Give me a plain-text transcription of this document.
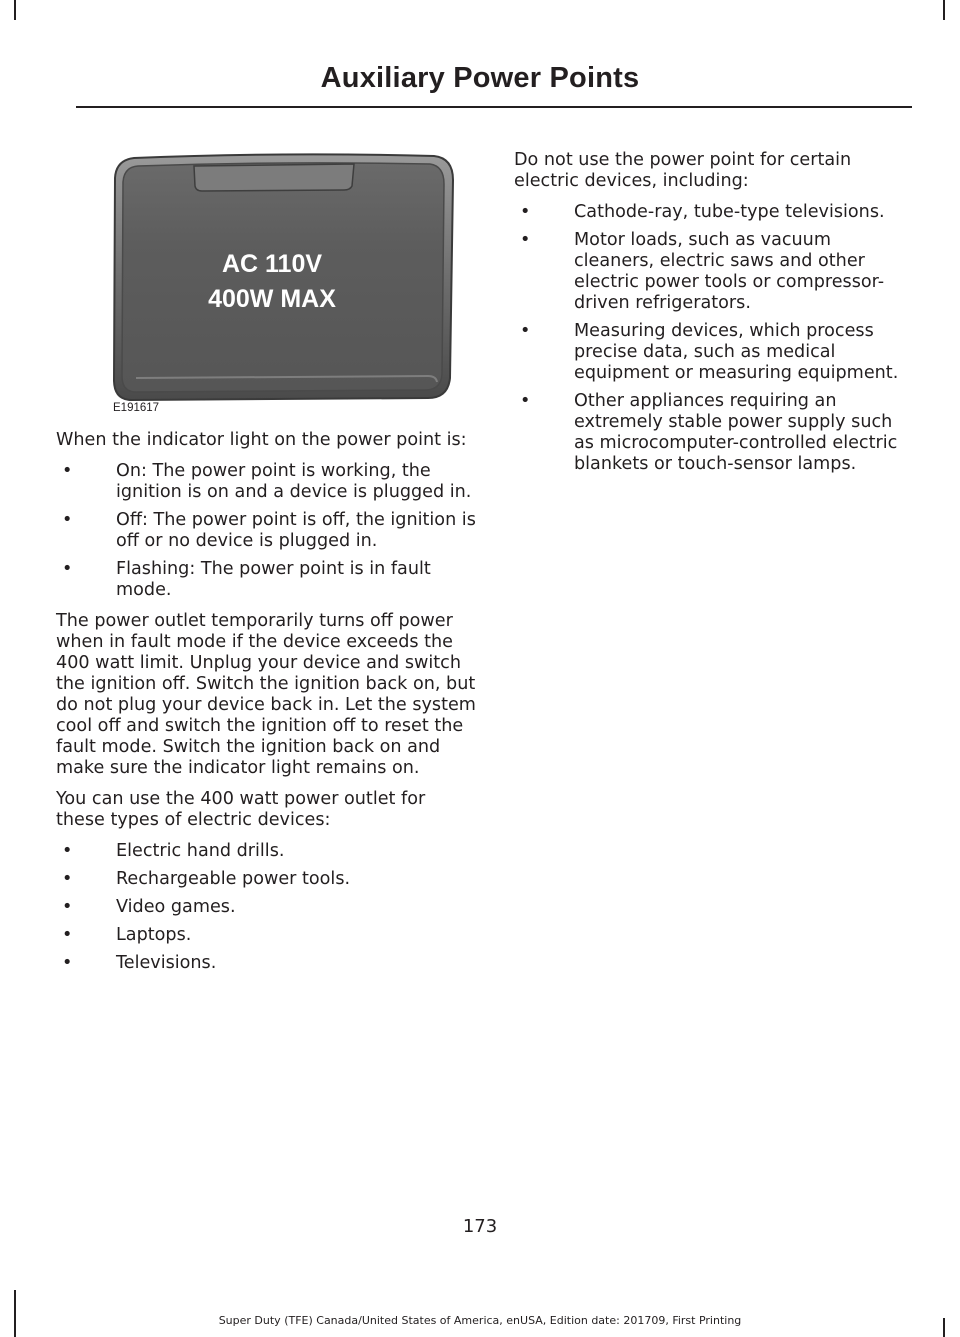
Auxiliary Power Points
AC 110V
400W MAX
E191617

When the indicator light on the power point is:

• On: The power point is working, the ignition is on and a device is plugged in.
• Off: The power point is off, the ignition is off or no device is plugged in.
• Flashing: The power point is in fault mode.

The power outlet temporarily turns off power when in fault mode if the device exceeds the 400 watt limit. Unplug your device and switch the ignition off. Switch the ignition back on, but do not plug your device back in. Let the system cool off and switch the ignition off to reset the fault mode. Switch the ignition back on and make sure the indicator light remains on.

You can use the 400 watt power outlet for these types of electric devices:

• Electric hand drills.
• Rechargeable power tools.
• Video games.
• Laptops.
• Televisions.

Do not use the power point for certain electric devices, including:

• Cathode-ray, tube-type televisions.
• Motor loads, such as vacuum cleaners, electric saws and other electric power tools or compressor-driven refrigerators.
• Measuring devices, which process precise data, such as medical equipment or measuring equipment.
• Other appliances requiring an extremely stable power supply such as microcomputer-controlled electric blankets or touch-sensor lamps.
173
Super Duty (TFE) Canada/United States of America, enUSA, Edition date: 201709, First Printing
